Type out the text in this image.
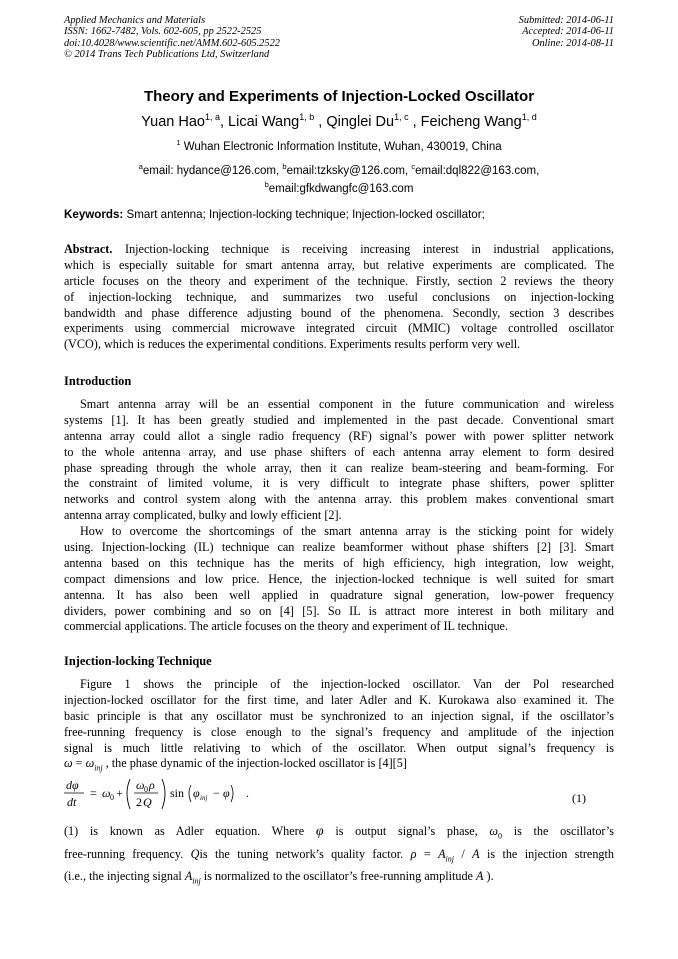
Applied Mechanics and Materials
ISSN: 1662-7482, Vols. 602-605, pp 2522-2525
doi:10.4028/www.scientific.net/AMM.602-605.2522
© 2014 Trans Tech Publications Ltd, Switzerland
Submitted: 2014-06-11
Accepted: 2014-06-11
Online: 2014-08-11
Theory and Experiments of Injection-Locked Oscillator
Yuan Hao$^{1, a}$, Licai Wang$^{1, b}$ , Qinglei Du$^{1, c}$ , Feicheng Wang$^{1, d}$
$^1$ Wuhan Electronic Information Institute, Wuhan, 430019, China
$^a$email: hydance@126.com, $^b$email:tzksky@126.com, $^c$email:dql822@163.com,
$^b$email:gfkdwangfc@163.com
Keywords: Smart antenna; Injection-locking technique; Injection-locked oscillator;
Abstract. Injection-locking technique is receiving increasing interest in industrial applications,
which is especially suitable for smart antenna array, but relative experiments are complicated. The
article focuses on the theory and experiment of the technique. Firstly, section 2 reviews the theory
of injection-locking technique, and summarizes two useful conclusions on injection-locking
bandwidth and phase difference adjusting bound of the phenomena. Secondly, section 3 describes
experiments using commercial microwave integrated circuit (MMIC) voltage controlled oscillator
(VCO), which is reduces the experimental conditions. Experiments results perform very well.
Introduction
Smart antenna array will be an essential component in the future communication and wireless
systems [1]. It has been greatly studied and implemented in the past decade. Conventional smart
antenna array could allot a single radio frequency (RF) signal’s power with power splitter network
to the whole antenna array, and use phase shifters of each antenna array element to form desired
phase spreading through the whole array, then it can realize beam-steering and beam-forming. For
the constraint of limited volume, it is very difficult to integrate phase shifters, power splitter
networks and control system along with the antenna array. this problem makes conventional smart
antenna array complicated, bulky and lowly efficient [2].
How to overcome the shortcomings of the smart antenna array is the sticking point for widely
using. Injection-locking (IL) technique can realize beamformer without phase shifters [2] [3]. Smart
antenna based on this technique has the merits of high efficiency, high integration, low weight,
compact dimensions and low price. Hence, the injection-locked technique is well suited for smart
antenna. It has also been well applied in quadrature signal generation, low-power frequency
dividers, power combining and so on [4] [5]. So IL is attract more interest in both military and
commercial applications. The article focuses on the theory and experiment of IL technique.
Injection-locking Technique
Figure 1 shows the principle of the injection-locked oscillator. Van der Pol researched
injection-locked oscillator for the first time, and later Adler and K. Kurokawa also examined it. The
basic principle is that any oscillator must be synchronized to an injection signal, if the oscillator’s
free-running frequency is close enough to the signal’s frequency and amplitude of the injection
signal is much little relativing to which of the oscillator. When output signal’s frequency is
$\omega = \omega_{inj}$ , the phase dynamic of the injection-locked oscillator is [4][5]
dφ
dt
= ω 0 +
ω 0 ρ
2 Q
sin φ inj − φ .	(1)
(1) is known as Adler equation. Where φ is output signal’s phase, $\omega_0$ is the oscillator’s
free-running frequency. Qis the tuning network’s quality factor. $\rho = A_{inj} / A$ is the injection strength
(i.e., the injecting signal $A_{inj}$ is normalized to the oscillator’s free-running amplitude A ).
